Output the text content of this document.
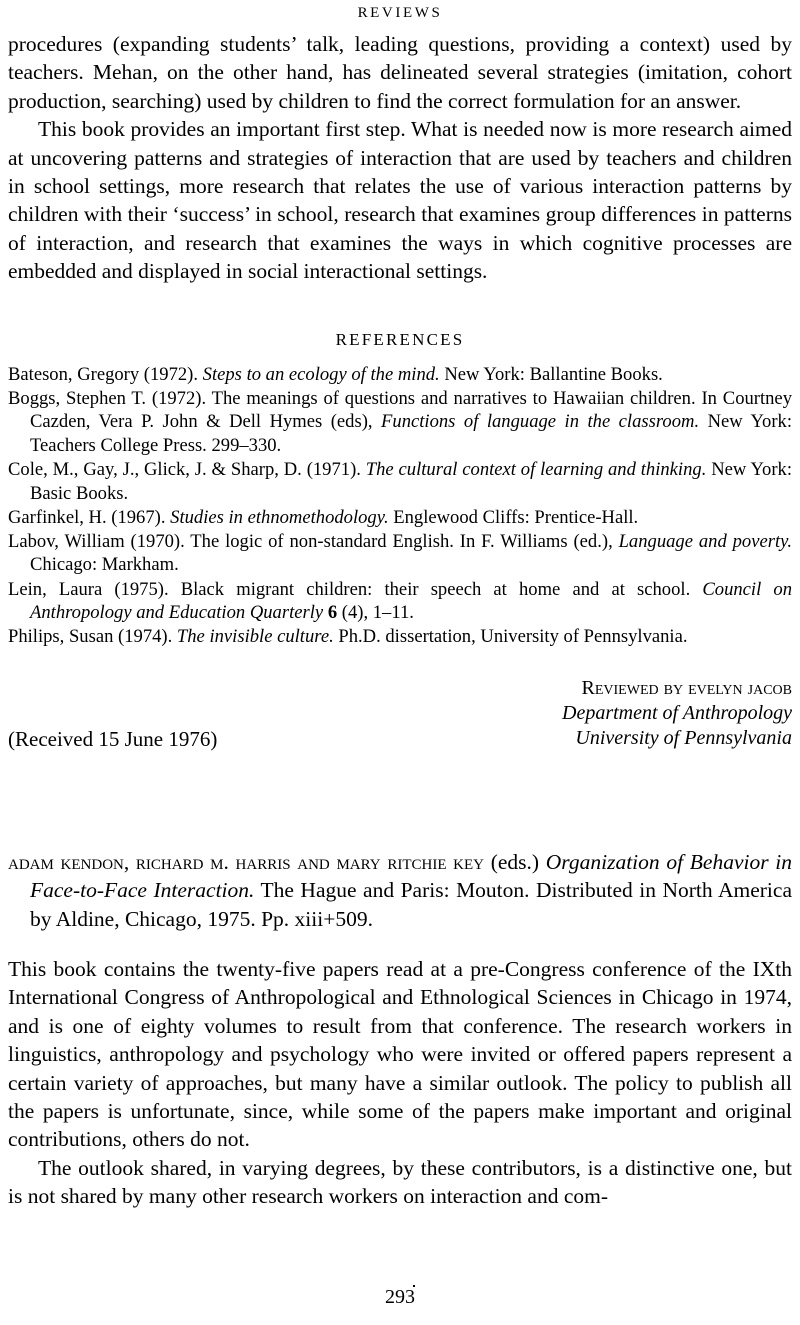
REVIEWS

procedures (expanding students’ talk, leading questions, providing a context) used by teachers. Mehan, on the other hand, has delineated several strategies (imitation, cohort production, searching) used by children to find the correct formulation for an answer.

This book provides an important first step. What is needed now is more research aimed at uncovering patterns and strategies of interaction that are used by teachers and children in school settings, more research that relates the use of various interaction patterns by children with their ‘success’ in school, research that examines group differences in patterns of interaction, and research that examines the ways in which cognitive processes are embedded and displayed in social interactional settings.

REFERENCES
Bateson, Gregory (1972). Steps to an ecology of the mind. New York: Ballantine Books.
Boggs, Stephen T. (1972). The meanings of questions and narratives to Hawaiian children. In Courtney Cazden, Vera P. John & Dell Hymes (eds), Functions of language in the classroom. New York: Teachers College Press. 299–330.
Cole, M., Gay, J., Glick, J. & Sharp, D. (1971). The cultural context of learning and thinking. New York: Basic Books.
Garfinkel, H. (1967). Studies in ethnomethodology. Englewood Cliffs: Prentice-Hall.
Labov, William (1970). The logic of non-standard English. In F. Williams (ed.), Language and poverty. Chicago: Markham.
Lein, Laura (1975). Black migrant children: their speech at home and at school. Council on Anthropology and Education Quarterly 6 (4), 1–11.
Philips, Susan (1974). The invisible culture. Ph.D. dissertation, University of Pennsylvania.
Reviewed by evelyn jacob
Department of Anthropology
University of Pennsylvania
(Received 15 June 1976)
adam kendon, richard m. harris and mary ritchie key (eds.) Organization of Behavior in Face-to-Face Interaction. The Hague and Paris: Mouton. Distributed in North America by Aldine, Chicago, 1975. Pp. xiii+509.

This book contains the twenty-five papers read at a pre-Congress conference of the IXth International Congress of Anthropological and Ethnological Sciences in Chicago in 1974, and is one of eighty volumes to result from that conference. The research workers in linguistics, anthropology and psychology who were invited or offered papers represent a certain variety of approaches, but many have a similar outlook. The policy to publish all the papers is unfortunate, since, while some of the papers make important and original contributions, others do not.

The outlook shared, in varying degrees, by these contributors, is a distinctive one, but is not shared by many other research workers on interaction and com-

293
